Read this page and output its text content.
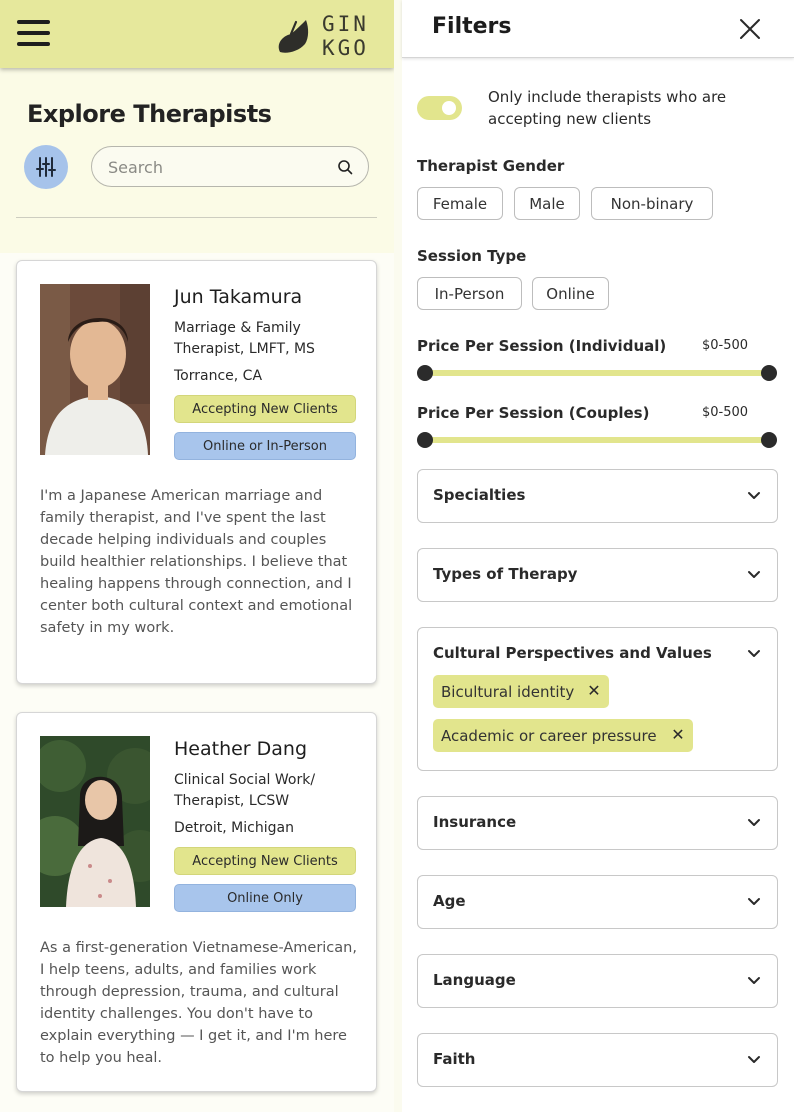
GIN
KGO
Explore Therapists
Search
Jun Takamura
Marriage & Family Therapist, LMFT, MS
Torrance, CA
Accepting New Clients
Online or In-Person
I'm a Japanese American marriage and family therapist, and I've spent the last decade helping individuals and couples build healthier relationships. I believe that healing happens through connection, and I center both cultural context and emotional safety in my work.
Heather Dang
Clinical Social Work/ Therapist, LCSW
Detroit, Michigan
Accepting New Clients
Online Only
As a first-generation Vietnamese-American, I help teens, adults, and families work through depression, trauma, and cultural identity challenges. You don't have to explain everything — I get it, and I'm here to help you heal.
Filters
Only include therapists who are accepting new clients
Therapist Gender
Female	Male	Non-binary
Session Type
In-Person	Online
Price Per Session (Individual)	$0-500
Price Per Session (Couples)	$0-500
Specialties
Types of Therapy
Cultural Perspectives and Values
Bicultural identity ✕
Academic or career pressure ✕
Insurance
Age
Language
Faith
